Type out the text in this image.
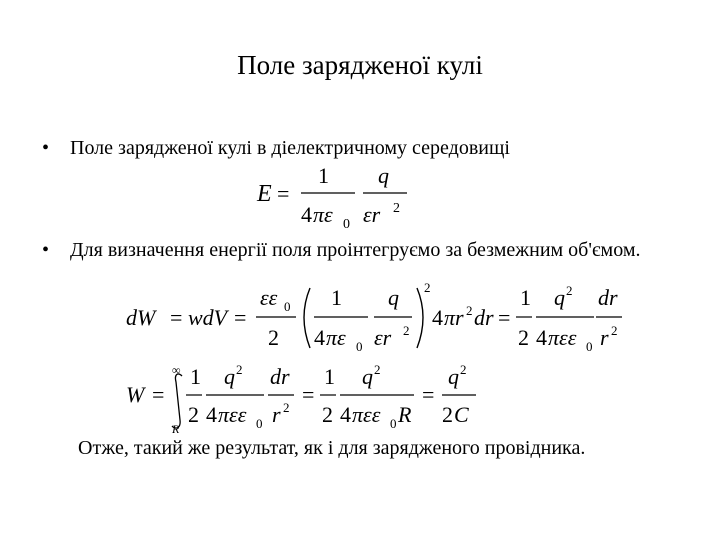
Поле зарядженої кулі
• Поле зарядженої кулі в діелектричному середовищі
E =
1
4 πε 0
q
εr 2
• Для визначення енергії поля проінтегруємо за безмежним об'ємом.
dW = wdV =
εε 0
2
1
4 πε 0
q
εr 2
2
4 πr 2 dr =
1
2
q 2
4 πεε 0
dr
r 2
W =
∞
R
1
2
q 2
4 πεε 0
dr
r 2
=
1
2
q 2
4 πεε 0 R
=
q 2
2 C
Отже, такий же результат, як і для зарядженого провідника.
